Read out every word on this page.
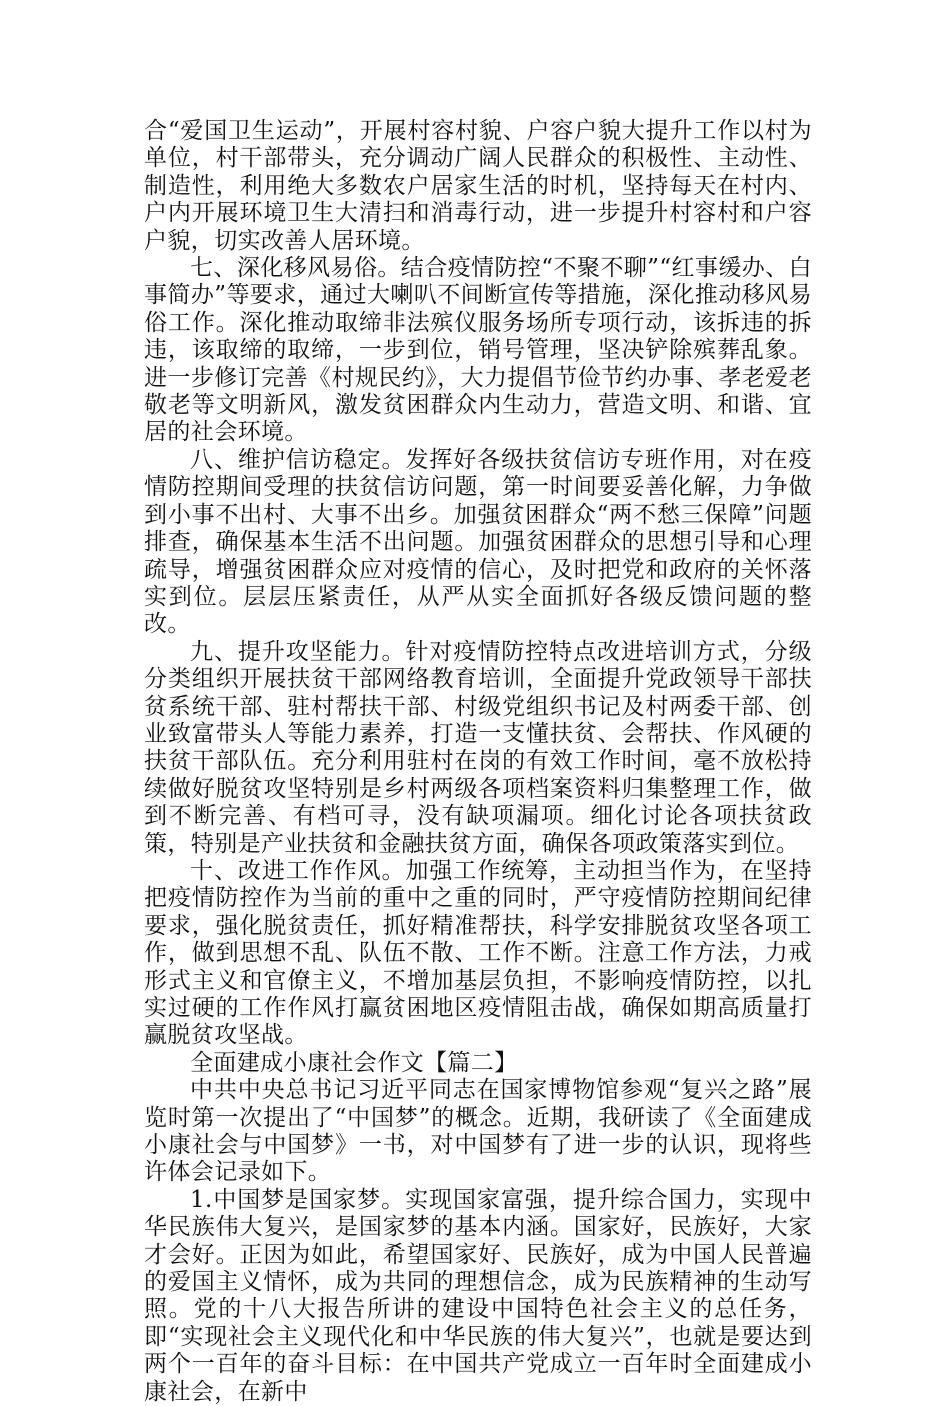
合“爱国卫生运动”，开展村容村貌、户容户貌大提升工作以村为单位，村干部带头，充分调动广阔人民群众的积极性、主动性、制造性，利用绝大多数农户居家生活的时机，坚持每天在村内、户内开展环境卫生大清扫和消毒行动，进一步提升村容村和户容户貌，切实改善人居环境。

七、深化移风易俗。结合疫情防控“不聚不聊”“红事缓办、白事简办”等要求，通过大喇叭不间断宣传等措施，深化推动移风易俗工作。深化推动取缔非法殡仪服务场所专项行动，该拆违的拆违，该取缔的取缔，一步到位，销号管理，坚决铲除殡葬乱象。进一步修订完善《村规民约》，大力提倡节俭节约办事、孝老爱老敬老等文明新风，激发贫困群众内生动力，营造文明、和谐、宜居的社会环境。

八、维护信访稳定。发挥好各级扶贫信访专班作用，对在疫情防控期间受理的扶贫信访问题，第一时间要妥善化解，力争做到小事不出村、大事不出乡。加强贫困群众“两不愁三保障”问题排查，确保基本生活不出问题。加强贫困群众的思想引导和心理疏导，增强贫困群众应对疫情的信心，及时把党和政府的关怀落实到位。层层压紧责任，从严从实全面抓好各级反馈问题的整改。

九、提升攻坚能力。针对疫情防控特点改进培训方式，分级分类组织开展扶贫干部网络教育培训，全面提升党政领导干部扶贫系统干部、驻村帮扶干部、村级党组织书记及村两委干部、创业致富带头人等能力素养，打造一支懂扶贫、会帮扶、作风硬的扶贫干部队伍。充分利用驻村在岗的有效工作时间，毫不放松持续做好脱贫攻坚特别是乡村两级各项档案资料归集整理工作，做到不断完善、有档可寻，没有缺项漏项。细化讨论各项扶贫政策，特别是产业扶贫和金融扶贫方面，确保各项政策落实到位。

十、改进工作作风。加强工作统筹，主动担当作为，在坚持把疫情防控作为当前的重中之重的同时，严守疫情防控期间纪律要求，强化脱贫责任，抓好精准帮扶，科学安排脱贫攻坚各项工作，做到思想不乱、队伍不散、工作不断。注意工作方法，力戒形式主义和官僚主义，不增加基层负担，不影响疫情防控，以扎实过硬的工作作风打赢贫困地区疫情阻击战，确保如期高质量打赢脱贫攻坚战。

全面建成小康社会作文【篇二】

中共中央总书记习近平同志在国家博物馆参观“复兴之路”展览时第一次提出了“中国梦”的概念。近期，我研读了《全面建成小康社会与中国梦》一书，对中国梦有了进一步的认识，现将些许体会记录如下。

1.中国梦是国家梦。实现国家富强，提升综合国力，实现中华民族伟大复兴，是国家梦的基本内涵。国家好，民族好，大家才会好。正因为如此，希望国家好、民族好，成为中国人民普遍的爱国主义情怀，成为共同的理想信念，成为民族精神的生动写照。党的十八大报告所讲的建设中国特色社会主义的总任务，即“实现社会主义现代化和中华民族的伟大复兴”，也就是要达到两个一百年的奋斗目标：在中国共产党成立一百年时全面建成小康社会，在新中
